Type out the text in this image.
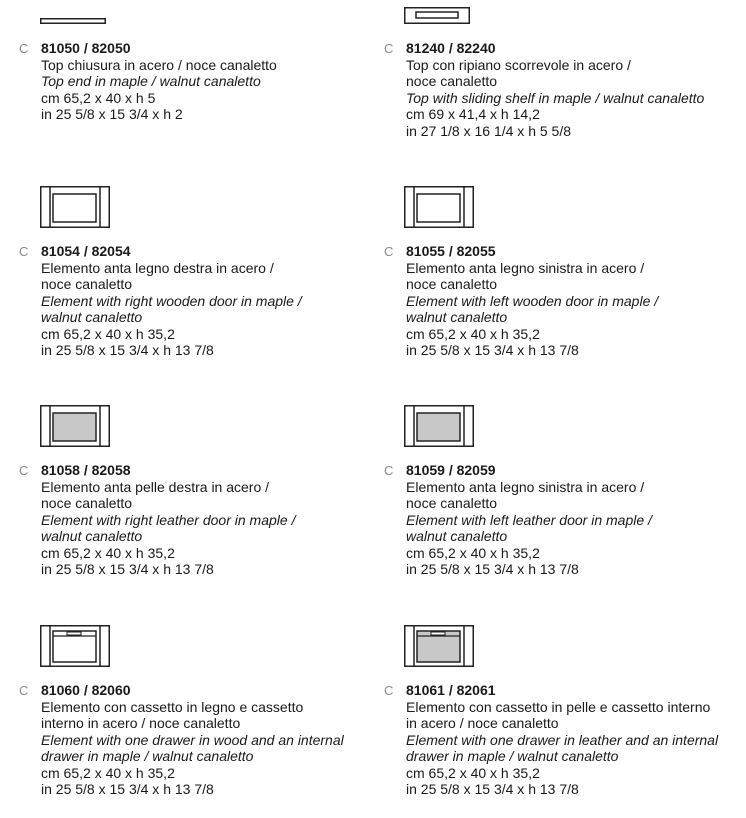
C 81050 / 82050
Top chiusura in acero / noce canaletto
Top end in maple / walnut canaletto
cm 65,2 x 40 x h 5
in 25 5/8 x 15 3/4 x h 2
C 81240 / 82240
Top con ripiano scorrevole in acero /
noce canaletto
Top with sliding shelf in maple / walnut canaletto
cm 69 x 41,4 x h 14,2
in 27 1/8 x 16 1/4 x h 5 5/8
C 81054 / 82054
Elemento anta legno destra in acero /
noce canaletto
Element with right wooden door in maple /
walnut canaletto
cm 65,2 x 40 x h 35,2
in 25 5/8 x 15 3/4 x h 13 7/8
C 81055 / 82055
Elemento anta legno sinistra in acero /
noce canaletto
Element with left wooden door in maple /
walnut canaletto
cm 65,2 x 40 x h 35,2
in 25 5/8 x 15 3/4 x h 13 7/8
C 81058 / 82058
Elemento anta pelle destra in acero /
noce canaletto
Element with right leather door in maple /
walnut canaletto
cm 65,2 x 40 x h 35,2
in 25 5/8 x 15 3/4 x h 13 7/8
C 81059 / 82059
Elemento anta legno sinistra in acero /
noce canaletto
Element with left leather door in maple /
walnut canaletto
cm 65,2 x 40 x h 35,2
in 25 5/8 x 15 3/4 x h 13 7/8
C 81060 / 82060
Elemento con cassetto in legno e cassetto
interno in acero / noce canaletto
Element with one drawer in wood and an internal
drawer in maple / walnut canaletto
cm 65,2 x 40 x h 35,2
in 25 5/8 x 15 3/4 x h 13 7/8
C 81061 / 82061
Elemento con cassetto in pelle e cassetto interno
in acero / noce canaletto
Element with one drawer in leather and an internal
drawer in maple / walnut canaletto
cm 65,2 x 40 x h 35,2
in 25 5/8 x 15 3/4 x h 13 7/8
